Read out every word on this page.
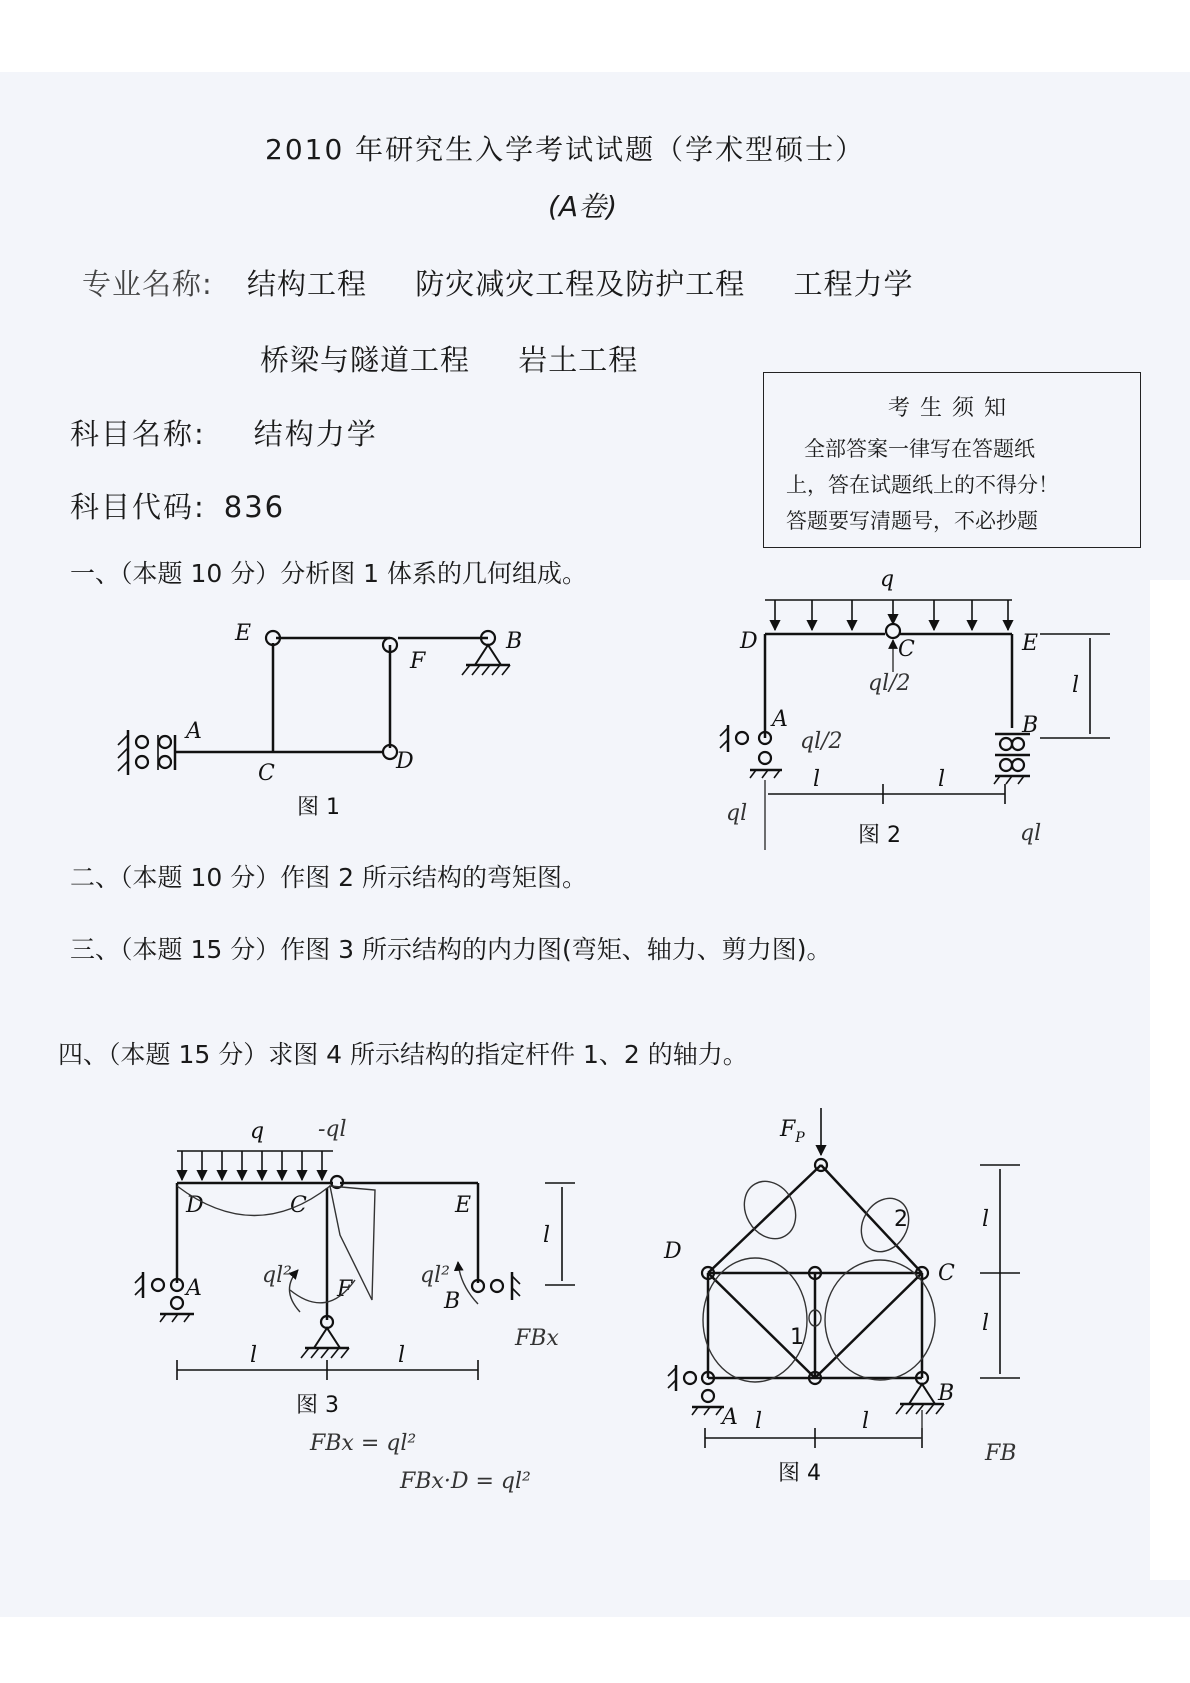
2010 年研究生入学考试试题（学术型硕士）
(A卷)
专业名称: 结构工程 防灾减灾工程及防护工程 工程力学
桥梁与隧道工程 岩土工程
科目名称: 结构力学
科目代码: 836
考生须知
全部答案一律写在答题纸
上，答在试题纸上的不得分！
答题要写清题号，不必抄题
一、（本题 10 分）分析图 1 体系的几何组成。
二、（本题 10 分）作图 2 所示结构的弯矩图。
三、（本题 15 分）作图 3 所示结构的内力图(弯矩、轴力、剪力图)。
四、（本题 15 分）求图 4 所示结构的指定杆件 1、2 的轴力。
E
F
B
A
C	D
图 1
q
D	C	E
A	B
l	l
l
图 2
ql/2
ql/2
ql
ql
q
D	C	E
A	F	B
l	l
l
图 3
-ql
ql²	ql²
FBx
FBx = ql²
FBx·D = ql²
$F_P$
D
C
A
B
1
2
l	l
l
l
图 4
FB
